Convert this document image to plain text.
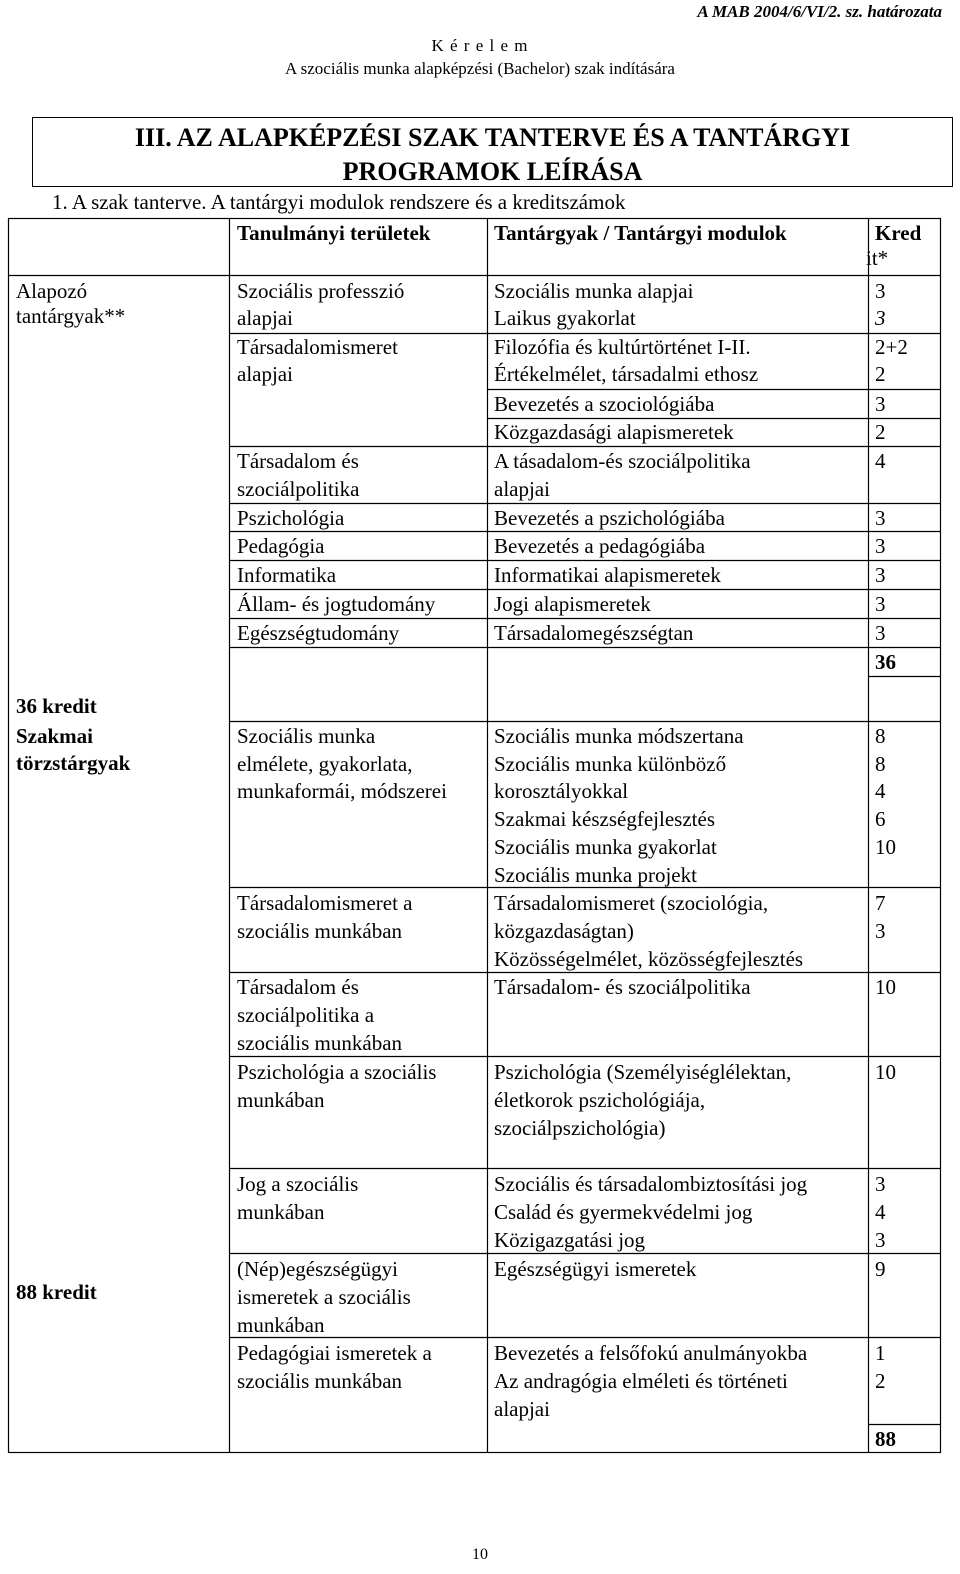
A MAB 2004/6/VI/2. sz. határozata
K é r e l e m
A szociális munka alapképzési (Bachelor) szak indítására
III. AZ ALAPKÉPZÉSI SZAK TANTERVE ÉS A TANTÁRGYI
PROGRAMOK LEÍRÁSA
1. A szak tanterve. A tantárgyi modulok rendszere és a kreditszámok
Tanulmányi területek	Tantárgyak / Tantárgyi modulok	Kred
it*
Alapozó
tantárgyak**
36 kredit
Szakmai
törzstárgyak
88 kredit
Szociális professzió
alapjai
Társadalomismeret
alapjai
Társadalom és
szociálpolitika
Pszichológia
Pedagógia
Informatika
Állam- és jogtudomány
Egészségtudomány
Szociális munka alapjai
Laikus gyakorlat
Filozófia és kultúrtörténet I-II.
Értékelmélet, társadalmi ethosz
Bevezetés a szociológiába
Közgazdasági alapismeretek
A tásadalom-és szociálpolitika
alapjai
Bevezetés a pszichológiába
Bevezetés a pedagógiába
Informatikai alapismeretek
Jogi alapismeretek
Társadalomegészségtan
3
3
2+2
2
3
2
4
3
3
3
3
3
36
Szociális munka
elmélete, gyakorlata,
munkaformái, módszerei
Társadalomismeret a
szociális munkában
Társadalom és
szociálpolitika a
szociális munkában
Pszichológia a szociális
munkában
Jog a szociális
munkában
(Nép)egészségügyi
ismeretek a szociális
munkában
Pedagógiai ismeretek a
szociális munkában
Szociális munka módszertana
Szociális munka különböző
korosztályokkal
Szakmai készségfejlesztés
Szociális munka gyakorlat
Szociális munka projekt
Társadalomismeret (szociológia,
közgazdaságtan)
Közösségelmélet, közösségfejlesztés
Társadalom- és szociálpolitika
Pszichológia (Személyiséglélektan,
életkorok pszichológiája,
szociálpszichológia)
Szociális és társadalombiztosítási jog
Család és gyermekvédelmi jog
Közigazgatási jog
Egészségügyi ismeretek
Bevezetés a felsőfokú anulmányokba
Az andragógia elméleti és történeti
alapjai
8
8
4
6
10
7
3
10
10
3
4
3
9
1
2
88
10
